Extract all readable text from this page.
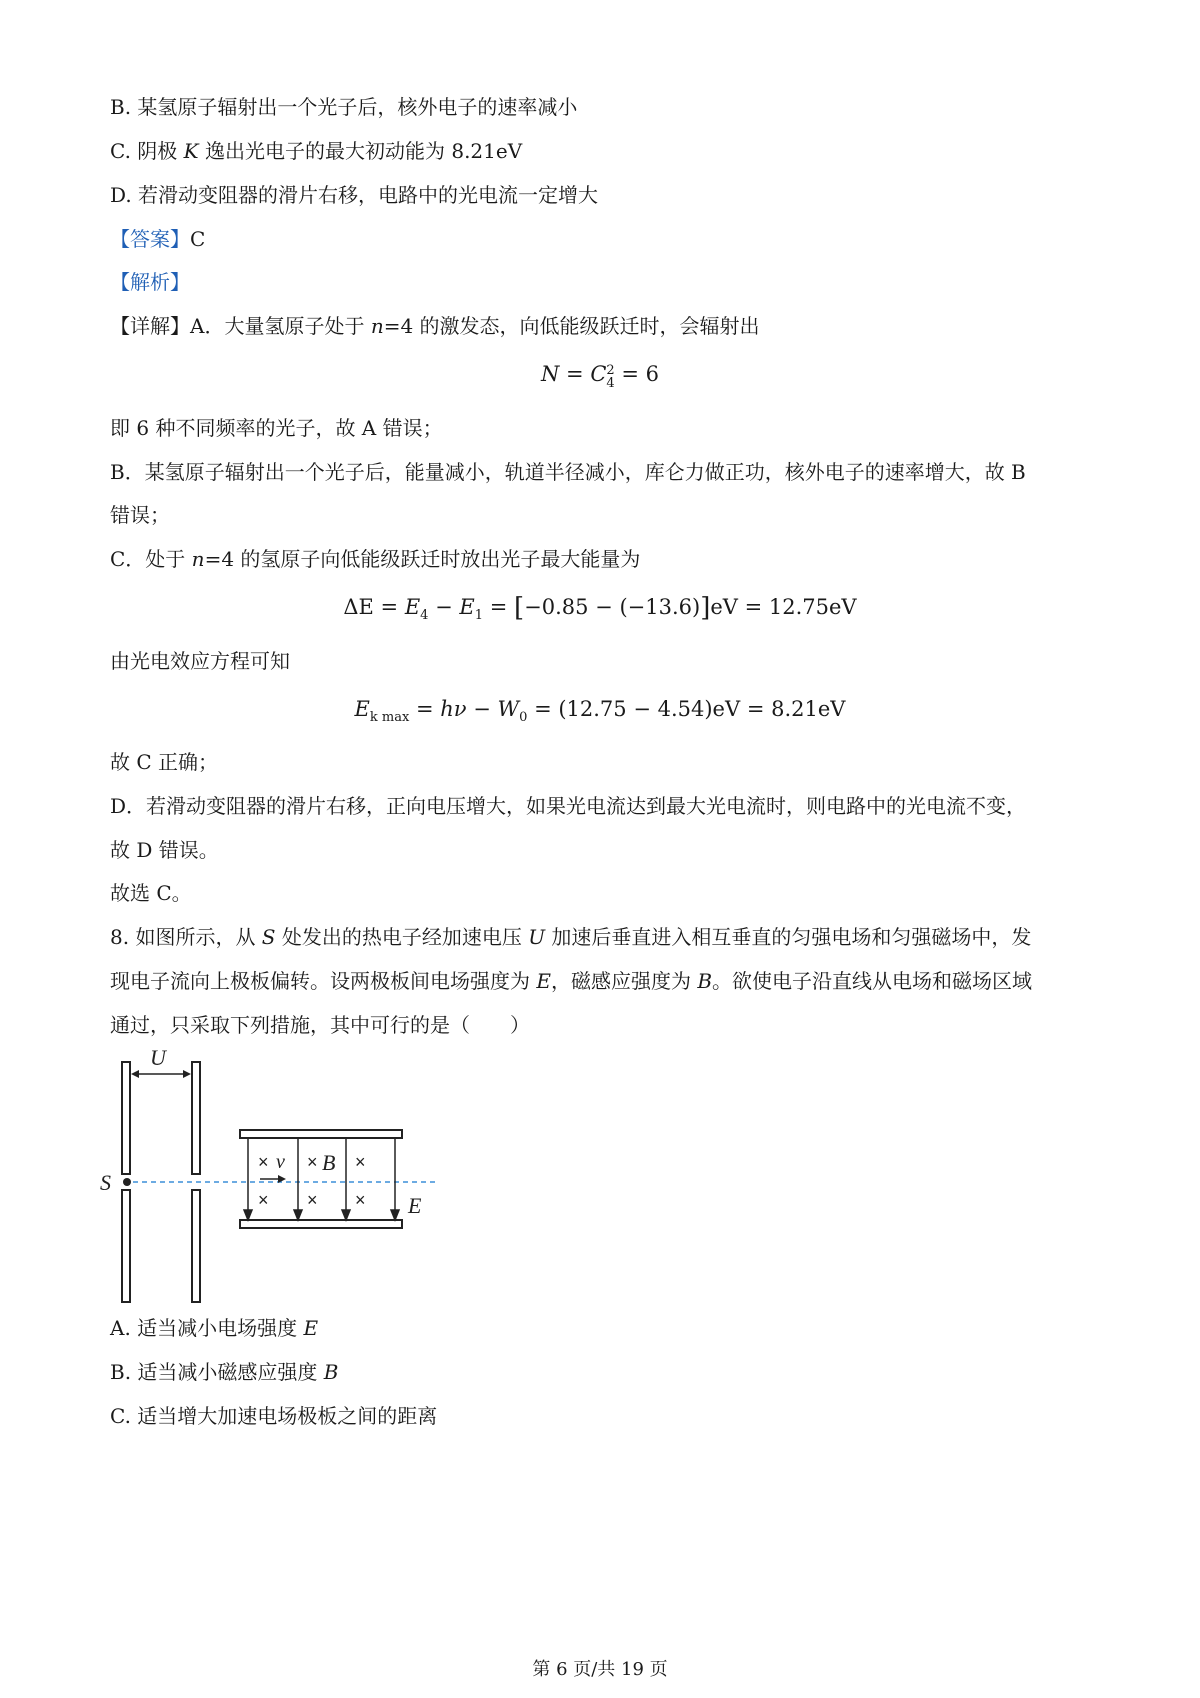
B. 某氢原子辐射出一个光子后，核外电子的速率减小
C. 阴极 K 逸出光电子的最大初动能为 8.21eV
D. 若滑动变阻器的滑片右移，电路中的光电流一定增大
【答案】C
【解析】
【详解】A．大量氢原子处于 n=4 的激发态，向低能级跃迁时，会辐射出
N = C 2
4 = 6
即 6 种不同频率的光子，故 A 错误；
B．某氢原子辐射出一个光子后，能量减小，轨道半径减小，库仑力做正功，核外电子的速率增大，故 B
错误；
C．处于 n=4 的氢原子向低能级跃迁时放出光子最大能量为
$\Delta E = E_4 - E_1 = [-0.85 - (-13.6)]eV = 12.75eV$
由光电效应方程可知
$E_{k max} = h\nu - W_0 = (12.75 - 4.54)eV = 8.21eV$
故 C 正确；
D．若滑动变阻器的滑片右移，正向电压增大，如果光电流达到最大光电流时，则电路中的光电流不变，
故 D 错误。
故选 C。
8. 如图所示，从 S 处发出的热电子经加速电压 U 加速后垂直进入相互垂直的匀强电场和匀强磁场中，发
现电子流向上极板偏转。设两极板间电场强度为 E，磁感应强度为 B。欲使电子沿直线从电场和磁场区域
通过，只采取下列措施，其中可行的是（　　）
U
S
× × ×
× × ×
v B
E
A. 适当减小电场强度 E
B. 适当减小磁感应强度 B
C. 适当增大加速电场极板之间的距离
第 6 页/共 19 页
